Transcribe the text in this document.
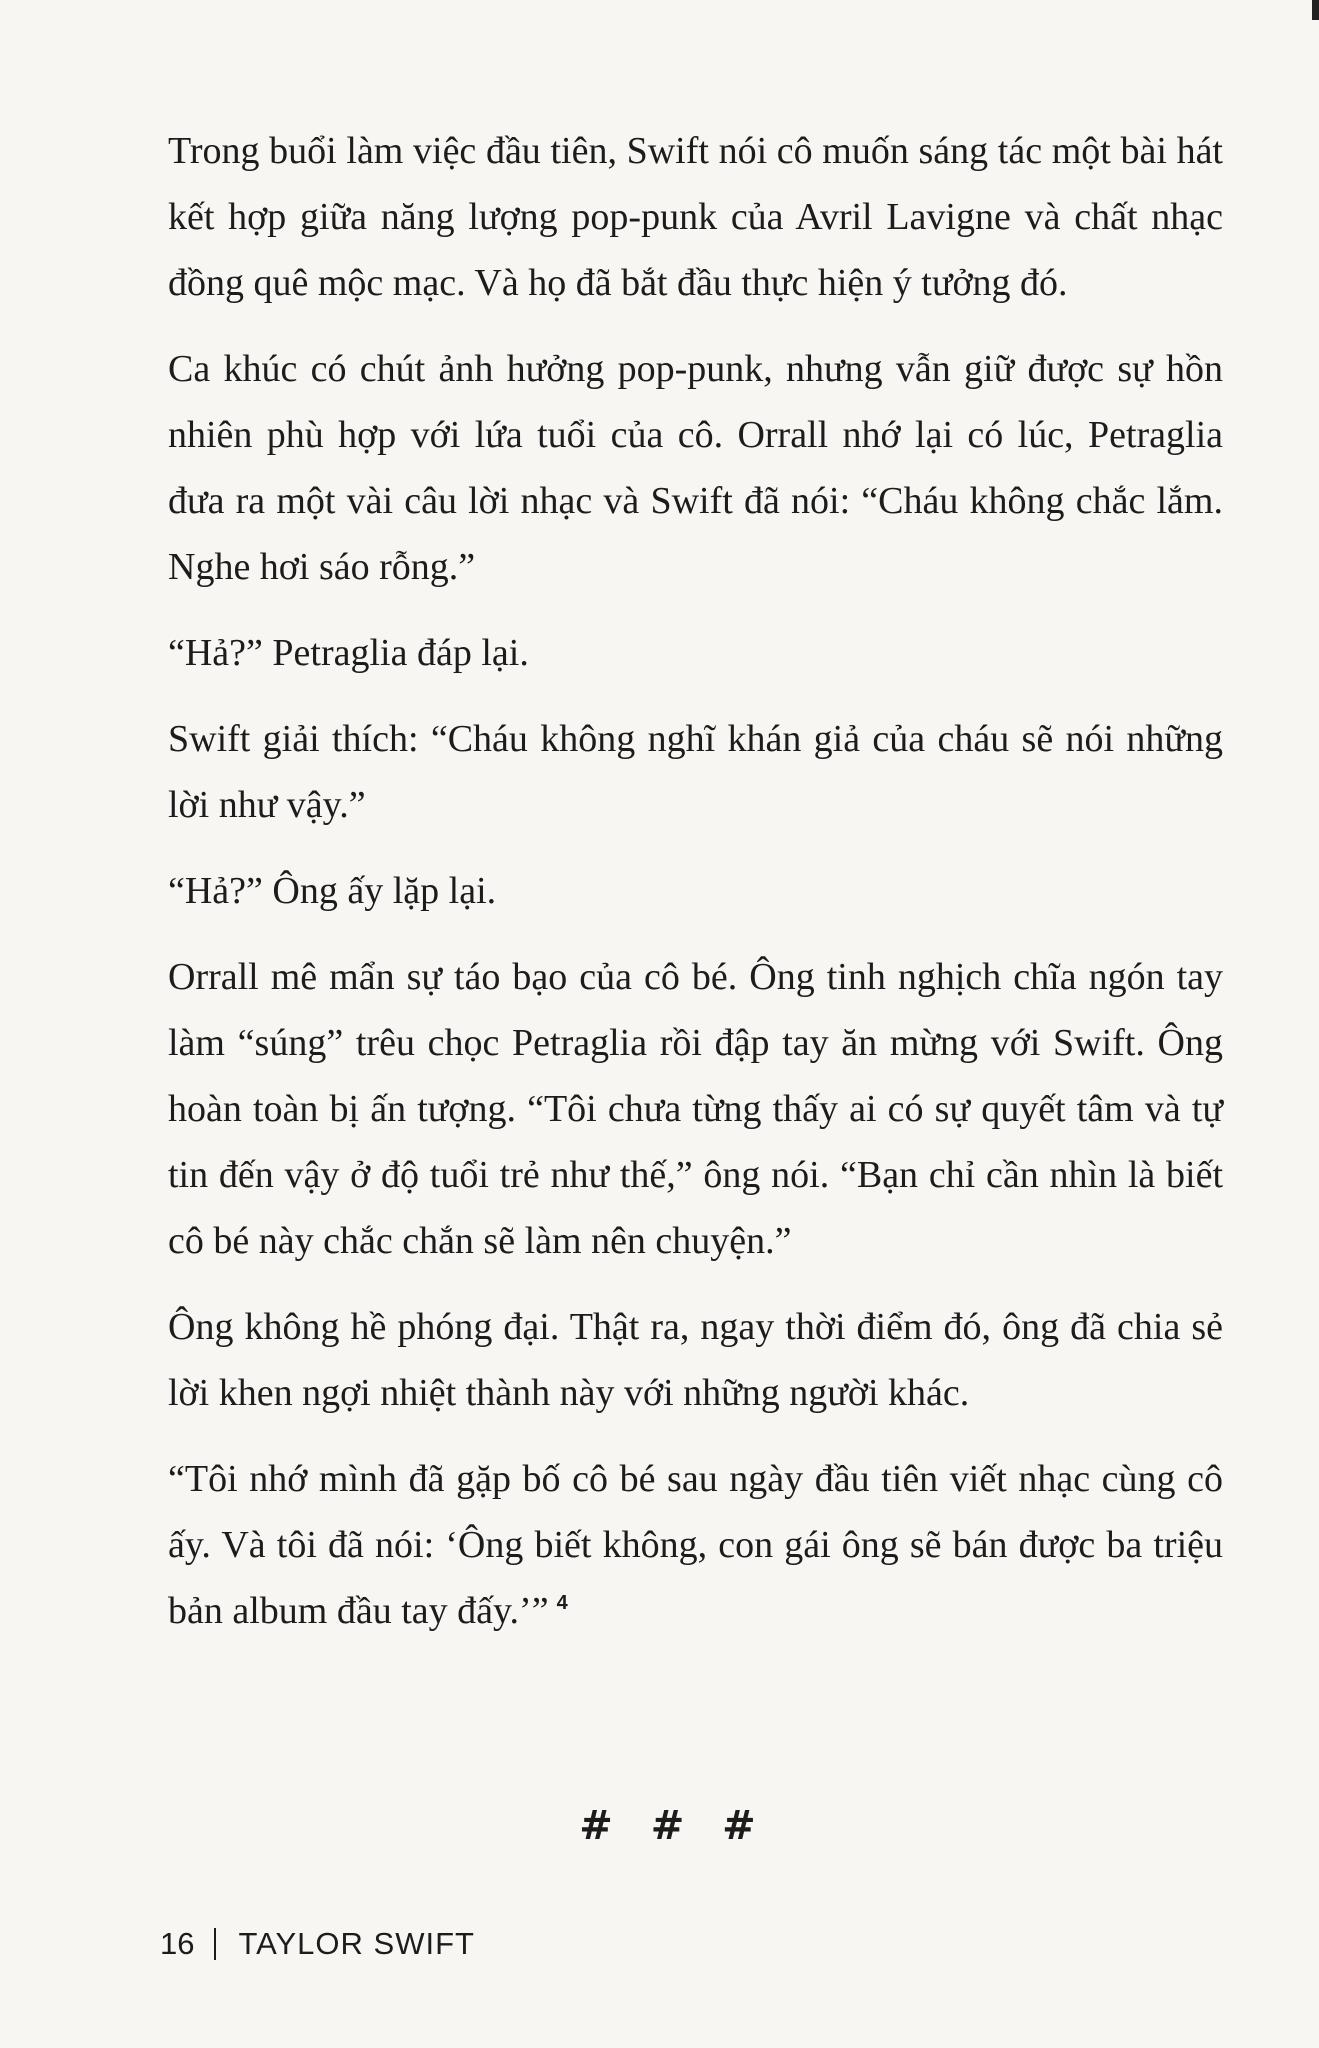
Trong buổi làm việc đầu tiên, Swift nói cô muốn sáng tác một bài hát kết hợp giữa năng lượng pop-punk của Avril Lavigne và chất nhạc đồng quê mộc mạc. Và họ đã bắt đầu thực hiện ý tưởng đó.

Ca khúc có chút ảnh hưởng pop-punk, nhưng vẫn giữ được sự hồn nhiên phù hợp với lứa tuổi của cô. Orrall nhớ lại có lúc, Petraglia đưa ra một vài câu lời nhạc và Swift đã nói: “Cháu không chắc lắm. Nghe hơi sáo rỗng.”

“Hả?” Petraglia đáp lại.

Swift giải thích: “Cháu không nghĩ khán giả của cháu sẽ nói những lời như vậy.”

“Hả?” Ông ấy lặp lại.

Orrall mê mẩn sự táo bạo của cô bé. Ông tinh nghịch chĩa ngón tay làm “súng” trêu chọc Petraglia rồi đập tay ăn mừng với Swift. Ông hoàn toàn bị ấn tượng. “Tôi chưa từng thấy ai có sự quyết tâm và tự tin đến vậy ở độ tuổi trẻ như thế,” ông nói. “Bạn chỉ cần nhìn là biết cô bé này chắc chắn sẽ làm nên chuyện.”

Ông không hề phóng đại. Thật ra, ngay thời điểm đó, ông đã chia sẻ lời khen ngợi nhiệt thành này với những người khác.

“Tôi nhớ mình đã gặp bố cô bé sau ngày đầu tiên viết nhạc cùng cô ấy. Và tôi đã nói: ‘Ông biết không, con gái ông sẽ bán được ba triệu bản album đầu tay đấy.’” $^4$

# # #
16 TAYLOR SWIFT
